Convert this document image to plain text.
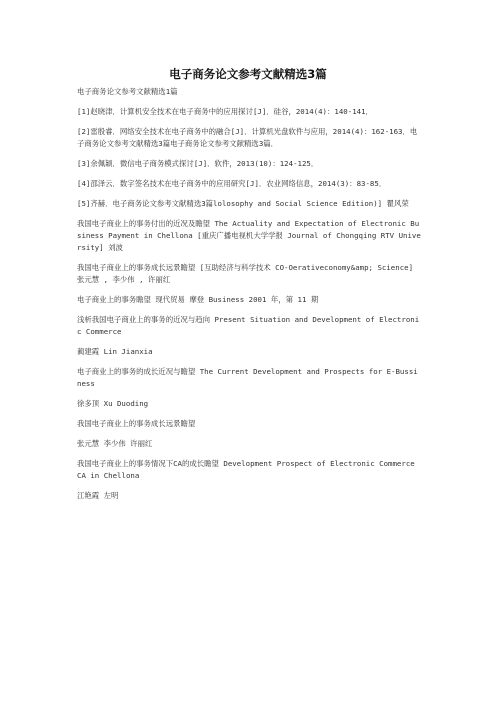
电子商务论文参考文献精选3篇

电子商务论文参考文献精选1篇

[1]赵晓津．计算机安全技术在电子商务中的应用探讨[J]．硅谷，2014(4)：140-141．

[2]雷殷睿．网络安全技术在电子商务中的融合[J]．计算机光盘软件与应用，2014(4)：162-163．电子商务论文参考文献精选3篇电子商务论文参考文献精选3篇．

[3]余佩颖．微信电子商务模式探讨[J]．软件，2013(10)：124-125．

[4]邵泽云．数字签名技术在电子商务中的应用研究[J]．农业网络信息，2014(3)：83-85．

[5]齐赫．电子商务论文参考文献精选3篇lolosophy and Social Science Edition)] 瞿风荣

我国电子商业上的事务付出的近况及瞻望 The Actuality and Expectation of Electronic Business Payment in Chellona [重庆广播电视机大学学报 Journal of Chongqing RTV University] 刘波

我国电子商业上的事务成长远景瞻望 [互助经济与科学技术 CO-Oerativeconomy&amp; Science] 张元慧 , 李少伟 , 许丽红

电子商业上的事务瞻望 现代贸易 摩登 Business 2001 年，第 11 期

浅析我国电子商业上的事务的近况与趋向 Present Situation and Development of Electronic Commerce

蔺建霞 Lin Jianxia

电子商业上的事务的成长近况与瞻望 The Current Development and Prospects for E-Bussiness

徐多顶 Xu Duoding

我国电子商业上的事务成长远景瞻望

张元慧 李少伟 许丽红

我国电子商业上的事务情况下CA的成长瞻望 Development Prospect of Electronic Commerce CA in Chellona

江艳霞 左明
